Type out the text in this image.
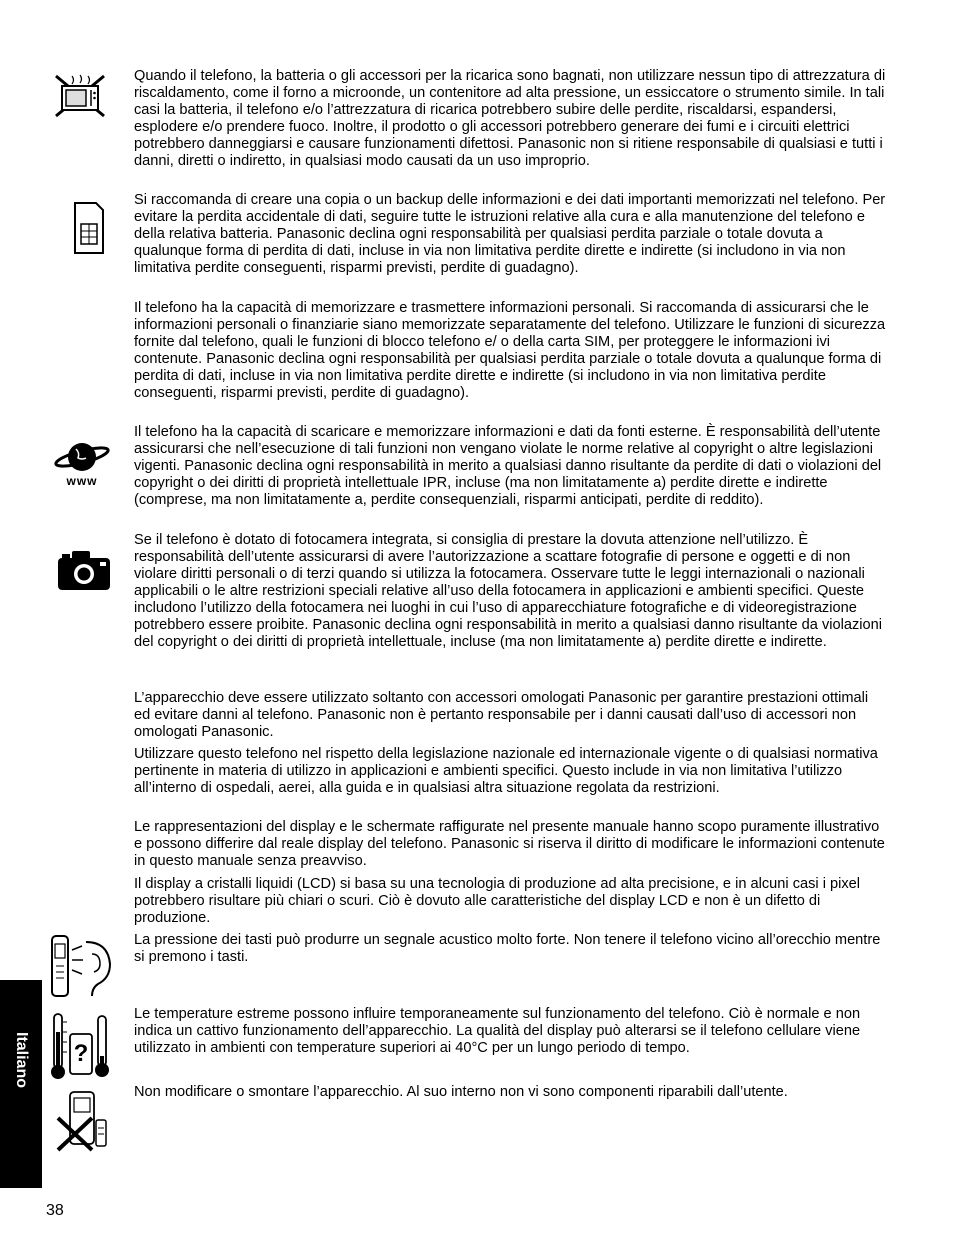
Quando il telefono, la batteria o gli accessori per la ricarica sono bagnati, non utilizzare nessun tipo di attrezzatura di riscaldamento, come il forno a microonde, un contenitore ad alta pressione, un essiccatore o strumento simile. In tali casi la batteria, il telefono e/o l’attrezzatura di ricarica potrebbero subire delle perdite, riscaldarsi, espandersi, esplodere e/o prendere fuoco. Inoltre, il prodotto o gli accessori potrebbero generare dei fumi e i circuiti elettrici potrebbero danneggiarsi e causare funzionamenti difettosi. Panasonic non si ritiene responsabile di qualsiasi e tutti i danni, diretti o indiretto, in qualsiasi modo causati da un uso improprio.

Si raccomanda di creare una copia o un backup delle informazioni e dei dati importanti memorizzati nel telefono. Per evitare la perdita accidentale di dati, seguire tutte le istruzioni relative alla cura e alla manutenzione del telefono e della relativa batteria. Panasonic declina ogni responsabilità per qualsiasi perdita parziale o totale dovuta a qualunque forma di perdita di dati, incluse in via non limitativa perdite dirette e indirette (si includono in via non limitativa perdite conseguenti, risparmi previsti, perdite di guadagno).

Il telefono ha la capacità di memorizzare e trasmettere informazioni personali. Si raccomanda di assicurarsi che le informazioni personali o finanziarie siano memorizzate separatamente del telefono. Utilizzare le funzioni di sicurezza fornite dal telefono, quali le funzioni di blocco telefono e/ o della carta SIM, per proteggere le informazioni ivi contenute. Panasonic declina ogni responsabilità per qualsiasi perdita parziale o totale dovuta a qualunque forma di perdita di dati, incluse in via non limitativa perdite dirette e indirette (si includono in via non limitativa perdite conseguenti, risparmi previsti, perdite di guadagno).

Il telefono ha la capacità di scaricare e memorizzare informazioni e dati da fonti esterne. È responsabilità dell’utente assicurarsi che nell’esecuzione di tali funzioni non vengano violate le norme relative al copyright o altre legislazioni vigenti. Panasonic declina ogni responsabilità in merito a qualsiasi danno risultante da perdite di dati o violazioni del copyright o dei diritti di proprietà intellettuale IPR, incluse (ma non limitatamente a) perdite dirette e indirette (comprese, ma non limitatamente a, perdite consequenziali, risparmi anticipati, perdite di reddito).

Se il telefono è dotato di fotocamera integrata, si consiglia di prestare la dovuta attenzione nell’utilizzo. È responsabilità dell’utente assicurarsi di avere l’autorizzazione a scattare fotografie di persone e oggetti e di non violare diritti personali o di terzi quando si utilizza la fotocamera. Osservare tutte le leggi internazionali o nazionali applicabili o le altre restrizioni speciali relative all’uso della fotocamera in applicazioni e ambienti specifici. Queste includono l’utilizzo della fotocamera nei luoghi in cui l’uso di apparecchiature fotografiche e di videoregistrazione potrebbero essere proibite. Panasonic declina ogni responsabilità in merito a qualsiasi danno risultante da violazioni del copyright o dei diritti di proprietà intellettuale, incluse (ma non limitatamente a) perdite dirette e indirette.

L’apparecchio deve essere utilizzato soltanto con accessori omologati Panasonic per garantire prestazioni ottimali ed evitare danni al telefono. Panasonic non è pertanto responsabile per i danni causati dall’uso di accessori non omologati Panasonic.

Utilizzare questo telefono nel rispetto della legislazione nazionale ed internazionale vigente o di qualsiasi normativa pertinente in materia di utilizzo in applicazioni e ambienti specifici. Questo include in via non limitativa l’utilizzo all’interno di ospedali, aerei, alla guida e in qualsiasi altra situazione regolata da restrizioni.

Le rappresentazioni del display e le schermate raffigurate nel presente manuale hanno scopo puramente illustrativo e possono differire dal reale display del telefono. Panasonic si riserva il diritto di modificare le informazioni contenute in questo manuale senza preavviso.

Il display a cristalli liquidi (LCD) si basa su una tecnologia di produzione ad alta precisione, e in alcuni casi i pixel potrebbero risultare più chiari o scuri. Ciò è dovuto alle caratteristiche del display LCD e non è un difetto di produzione.

La pressione dei tasti può produrre un segnale acustico molto forte. Non tenere il telefono vicino all’orecchio mentre si premono i tasti.

Le temperature estreme possono influire temporaneamente sul funzionamento del telefono. Ciò è normale e non indica un cattivo funzionamento dell’apparecchio. La qualità del display può alterarsi se il telefono cellulare viene utilizzato in ambienti con temperature superiori ai 40°C per un lungo periodo di tempo.

Non modificare o smontare l’apparecchio. Al suo interno non vi sono componenti riparabili dall’utente.

www
?
Italiano
38
